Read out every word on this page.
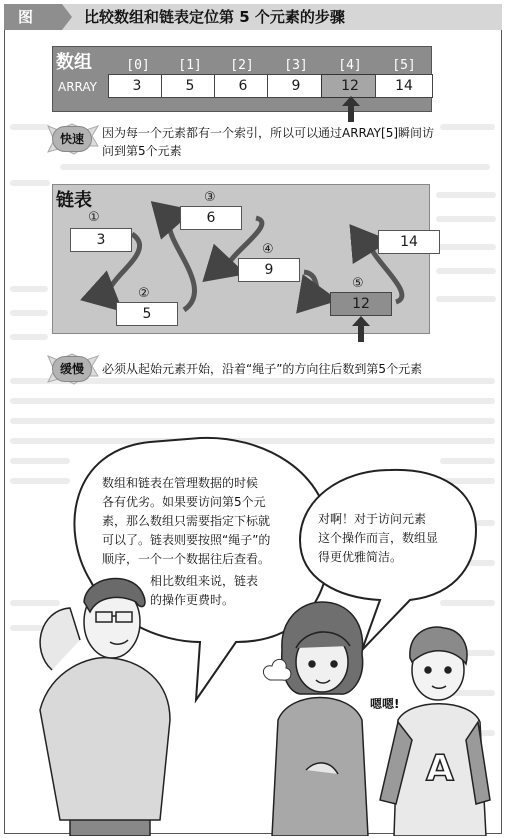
图	比较数组和链表定位第 5 个元素的步骤
数组
ARRAY
[0]	[1]	[2]	[3]	[4]	[5]
3	5	6	9	12	14
快速	因为每一个元素都有一个索引，所以可以通过ARRAY[5]瞬间访
问到第5个元素
链表
①
3
②
5
③
6
④
9
⑤
12
14
缓慢	必须从起始元素开始，沿着“绳子”的方向往后数到第5个元素
A
嗯嗯!
数组和链表在管理数据的时候
各有优劣。如果要访问第5个元
素，那么数组只需要指定下标就
可以了。链表则要按照“绳子”的
顺序，一个一个数据往后查看。
相比数组来说，链表
的操作更费时。
对啊！对于访问元素
这个操作而言，数组显
得更优雅简洁。
